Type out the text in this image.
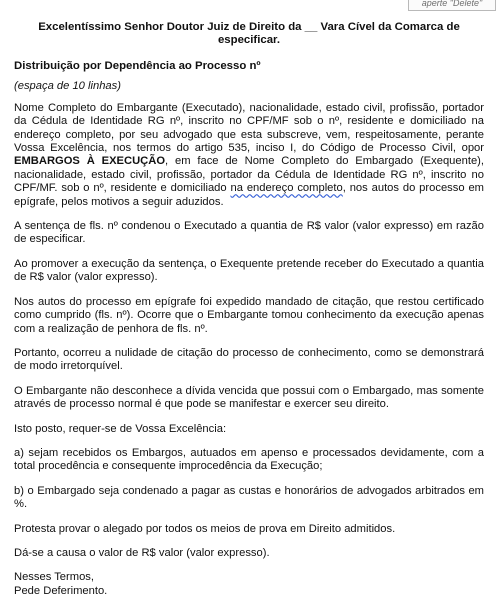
aperte "Delete"
Excelentíssimo Senhor Doutor Juiz de Direito da __ Vara Cível da Comarca de especificar.
Distribuição por Dependência ao Processo nº
(espaça de 10 linhas)

Nome Completo do Embargante (Executado), nacionalidade, estado civil, profissão, portador da Cédula de Identidade RG nº, inscrito no CPF/MF sob o nº, residente e domiciliado na endereço completo, por seu advogado que esta subscreve, vem, respeitosamente, perante Vossa Excelência, nos termos do artigo 535, inciso I, do Código de Processo Civil, opor EMBARGOS À EXECUÇÃO, em face de Nome Completo do Embargado (Exequente), nacionalidade, estado civil, profissão, portador da Cédula de Identidade RG nº, inscrito no CPF/MF. sob o nº, residente e domiciliado na endereço completo, nos autos do processo em epígrafe, pelos motivos a seguir aduzidos.

A sentença de fls. nº condenou o Executado a quantia de R$ valor (valor expresso) em razão de especificar.

Ao promover a execução da sentença, o Exequente pretende receber do Executado a quantia de R$ valor (valor expresso).

Nos autos do processo em epígrafe foi expedido mandado de citação, que restou certificado como cumprido (fls. nº). Ocorre que o Embargante tomou conhecimento da execução apenas com a realização de penhora de fls. nº.

Portanto, ocorreu a nulidade de citação do processo de conhecimento, como se demonstrará de modo irretorquível.

O Embargante não desconhece a dívida vencida que possui com o Embargado, mas somente através de processo normal é que pode se manifestar e exercer seu direito.

Isto posto, requer-se de Vossa Excelência:

a) sejam recebidos os Embargos, autuados em apenso e processados devidamente, com a total procedência e consequente improcedência da Execução;

b) o Embargado seja condenado a pagar as custas e honorários de advogados arbitrados em %.

Protesta provar o alegado por todos os meios de prova em Direito admitidos.

Dá-se a causa o valor de R$ valor (valor expresso).

Nesses Termos,
Pede Deferimento.
